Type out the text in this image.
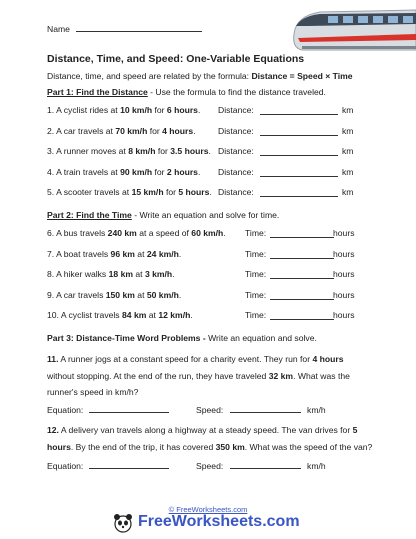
Name
Distance, Time, and Speed: One-Variable Equations
Distance, time, and speed are related by the formula: Distance = Speed × Time
Part 1: Find the Distance - Use the formula to find the distance traveled.
1. A cyclist rides at 10 km/h for 6 hours. Distance:	km
2. A car travels at 70 km/h for 4 hours.	Distance:	km
3. A runner moves at 8 km/h for 3.5 hours. Distance:	km
4. A train travels at 90 km/h for 2 hours. Distance:	km
5. A scooter travels at 15 km/h for 5 hours. Distance:	km
Part 2: Find the Time - Write an equation and solve for time.
6. A bus travels 240 km at a speed of 60 km/h. Time:	hours
7. A boat travels 96 km at 24 km/h.	Time:	hours
8. A hiker walks 18 km at 3 km/h.	Time:	hours
9. A car travels 150 km at 50 km/h.	Time:	hours
10. A cyclist travels 84 km at 12 km/h.	Time:	hours
Part 3: Distance-Time Word Problems - Write an equation and solve.
11. A runner jogs at a constant speed for a charity event. They run for 4 hours
without stopping. At the end of the run, they have traveled 32 km. What was the
runner's speed in km/h?
Equation:	Speed:	km/h
12. A delivery van travels along a highway at a steady speed. The van drives for 5
hours. By the end of the trip, it has covered 350 km. What was the speed of the van?
Equation:	Speed:	km/h
© FreeWorksheets.com
FreeWorksheets.com
